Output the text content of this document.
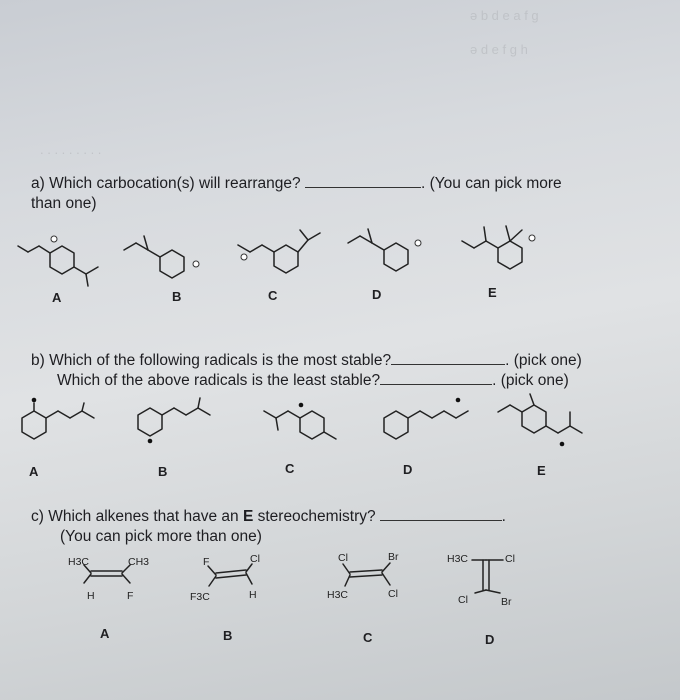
ə b d e a f g
ə d e f g h
. . . . . . . . .
a) Which carbocation(s) will rearrange?	. (You can pick more
than one)
A	B	C	D	E
b) Which of the following radicals is the most stable?	. (pick one)
Which of the above radicals is the least stable?	. (pick one)
A	B	C	D	E
c) Which alkenes that have an E stereochemistry?	.
(You can pick more than one)
H3C	CH3
H	F
F	Cl
F3C	H
Cl	Br
H3C	Cl
H3C	Cl
Cl	Br
A	B	C	D
